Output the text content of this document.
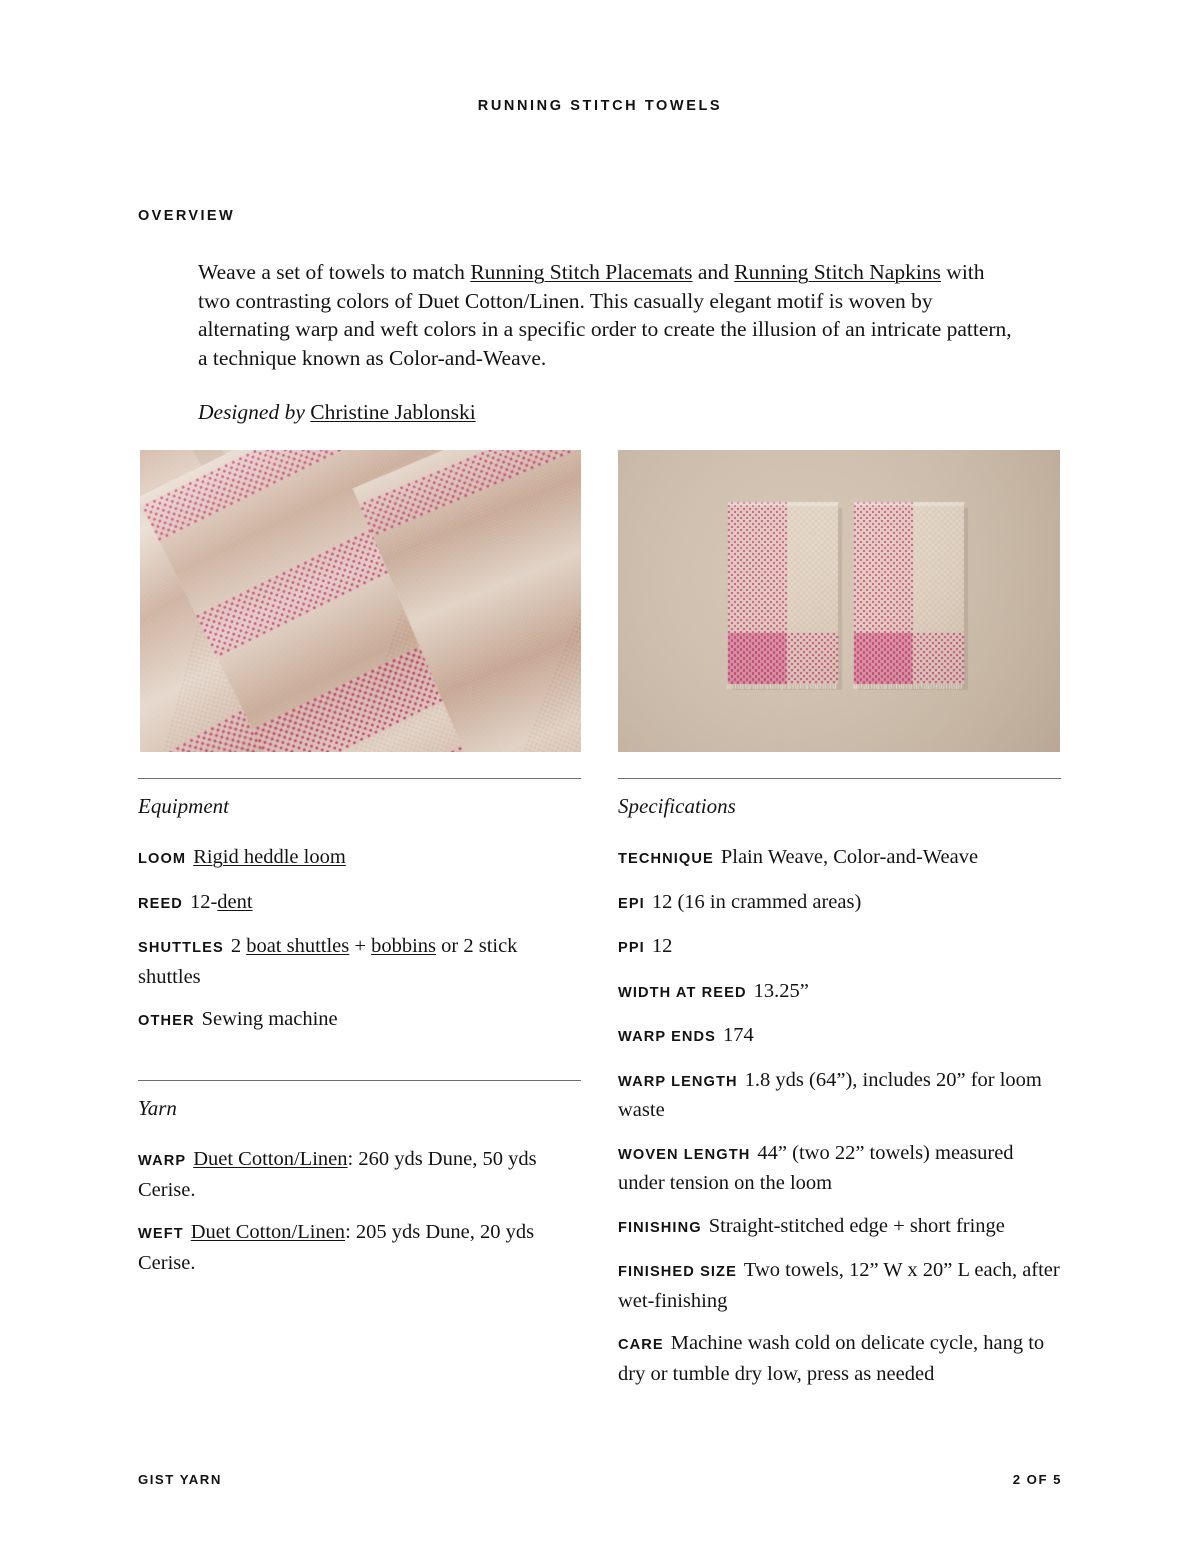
RUNNING STITCH TOWELS
OVERVIEW

Weave a set of towels to match Running Stitch Placemats and Running Stitch Napkins with two contrasting colors of Duet Cotton/Linen. This casually elegant motif is woven by alternating warp and weft colors in a specific order to create the illusion of an intricate pattern, a technique known as Color-and-Weave.

Designed by Christine Jablonski

Equipment
LOOM Rigid heddle loom
REED 12-dent
SHUTTLES 2 boat shuttles + bobbins or 2 stick shuttles
OTHER Sewing machine
Yarn
WARP Duet Cotton/Linen: 260 yds Dune, 50 yds Cerise.
WEFT Duet Cotton/Linen: 205 yds Dune, 20 yds Cerise.
Specifications
TECHNIQUE Plain Weave, Color-and-Weave
EPI 12 (16 in crammed areas)
PPI 12
WIDTH AT REED 13.25”
WARP ENDS 174
WARP LENGTH 1.8 yds (64”), includes 20” for loom waste
WOVEN LENGTH 44” (two 22” towels) measured under tension on the loom
FINISHING Straight-stitched edge + short fringe
FINISHED SIZE Two towels, 12” W x 20” L each, after wet-finishing
CARE Machine wash cold on delicate cycle, hang to dry or tumble dry low, press as needed
GIST YARN	2 OF 5
